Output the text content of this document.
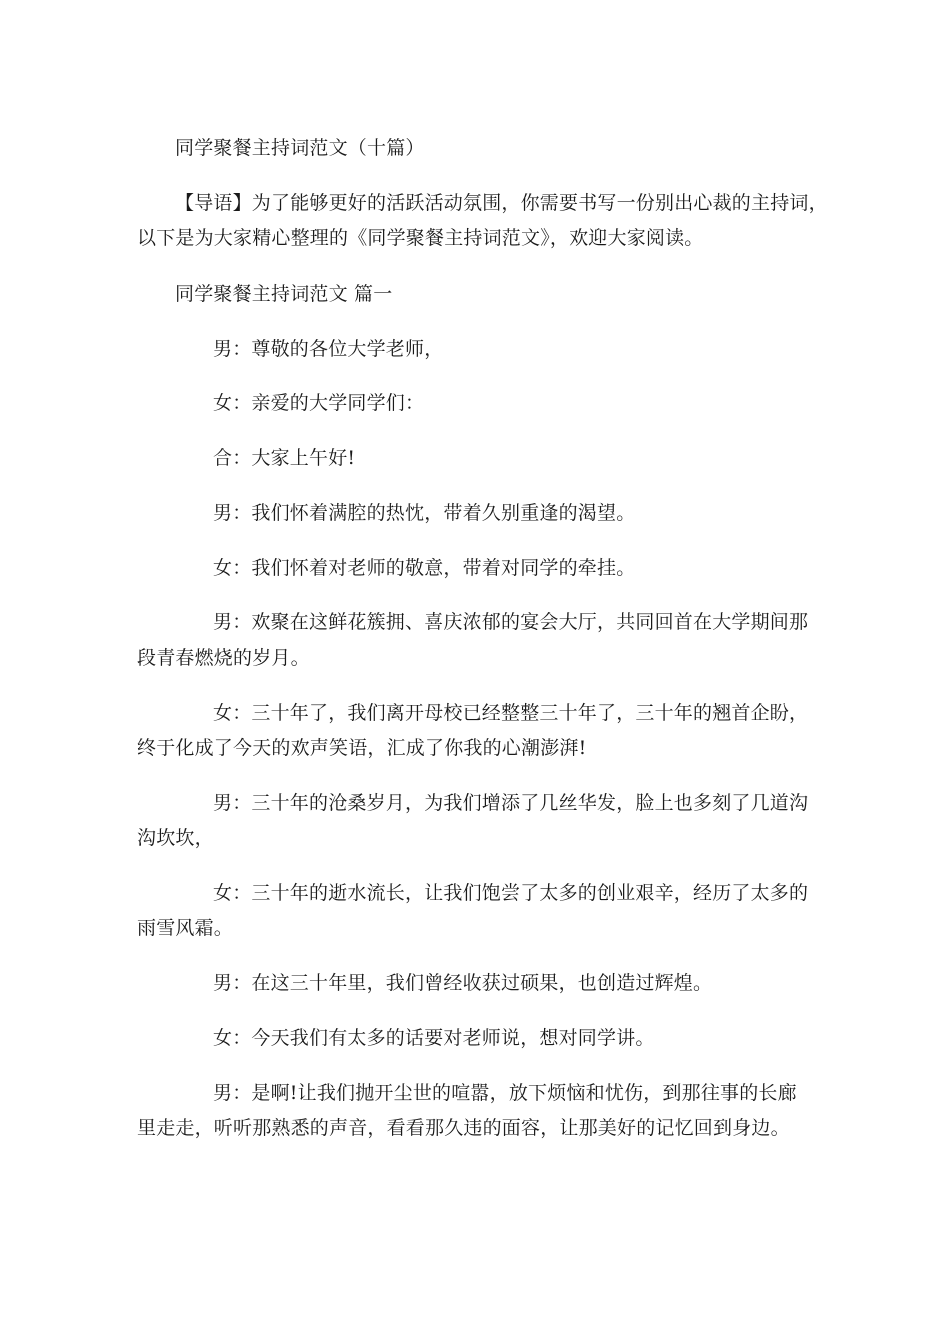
同学聚餐主持词范文（十篇）
【导语】为了能够更好的活跃活动氛围，你需要书写一份别出心裁的主持词，
以下是为大家精心整理的《同学聚餐主持词范文》，欢迎大家阅读。
同学聚餐主持词范文 篇一
男：尊敬的各位大学老师，
女：亲爱的大学同学们：
合：大家上午好!
男：我们怀着满腔的热忱，带着久别重逢的渴望。
女：我们怀着对老师的敬意，带着对同学的牵挂。
男：欢聚在这鲜花簇拥、喜庆浓郁的宴会大厅，共同回首在大学期间那
段青春燃烧的岁月。
女：三十年了，我们离开母校已经整整三十年了，三十年的翘首企盼，
终于化成了今天的欢声笑语，汇成了你我的心潮澎湃!
男：三十年的沧桑岁月，为我们增添了几丝华发，脸上也多刻了几道沟
沟坎坎，
女：三十年的逝水流长，让我们饱尝了太多的创业艰辛，经历了太多的
雨雪风霜。
男：在这三十年里，我们曾经收获过硕果，也创造过辉煌。
女：今天我们有太多的话要对老师说，想对同学讲。
男：是啊!让我们抛开尘世的喧嚣，放下烦恼和忧伤，到那往事的长廊
里走走，听听那熟悉的声音，看看那久违的面容，让那美好的记忆回到身边。
